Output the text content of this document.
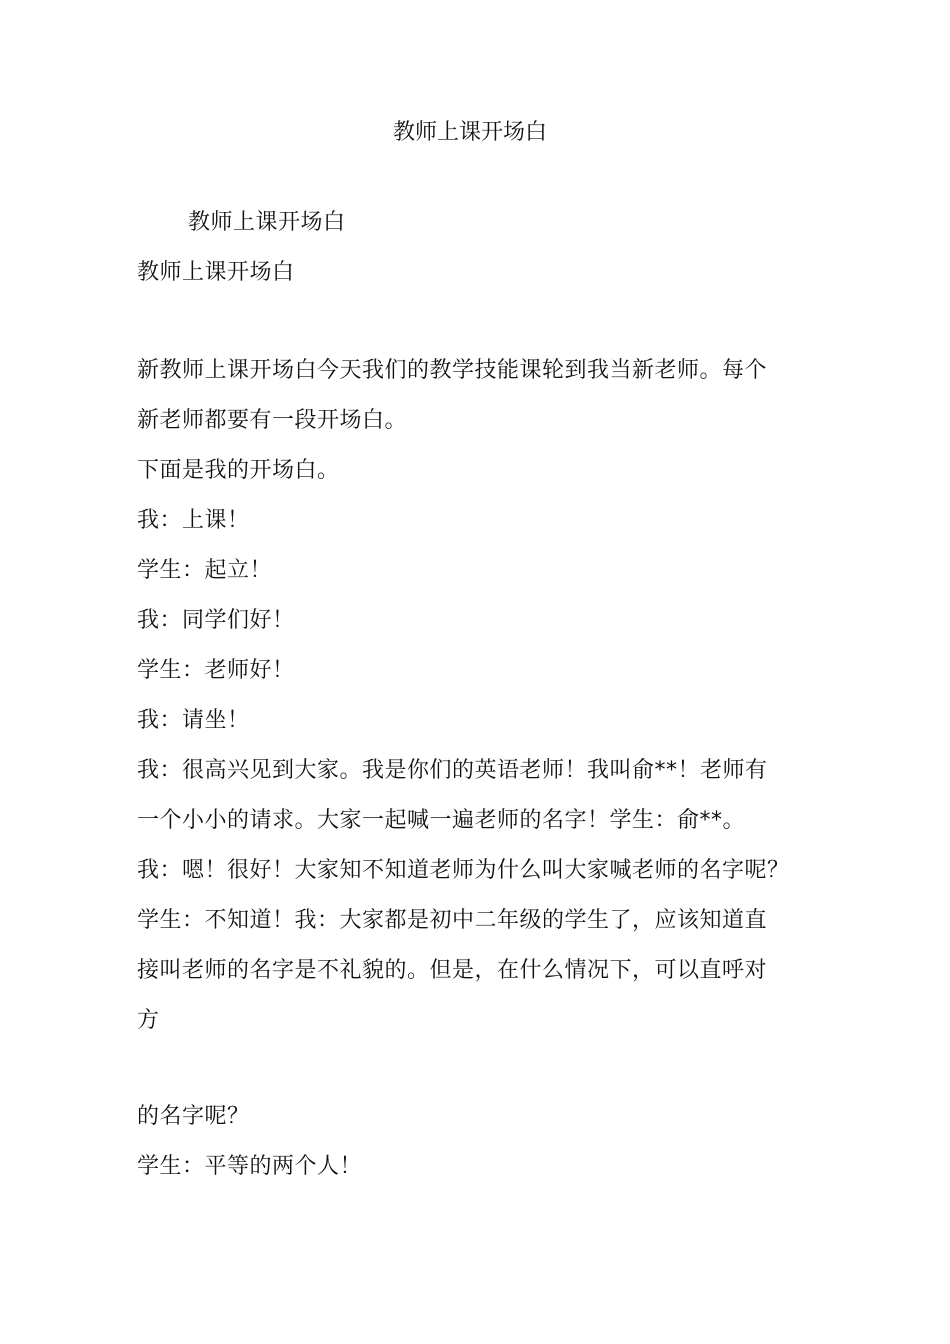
教师上课开场白
教师上课开场白
教师上课开场白
新教师上课开场白今天我们的教学技能课轮到我当新老师。每个
新老师都要有一段开场白。
下面是我的开场白。
我：上课！
学生：起立！
我：同学们好！
学生：老师好！
我：请坐！
我：很高兴见到大家。我是你们的英语老师！我叫俞**！老师有
一个小小的请求。大家一起喊一遍老师的名字！学生：俞**。
我：嗯！很好！大家知不知道老师为什么叫大家喊老师的名字呢？
学生：不知道！我：大家都是初中二年级的学生了，应该知道直
接叫老师的名字是不礼貌的。但是，在什么情况下，可以直呼对
方
的名字呢？
学生：平等的两个人！
